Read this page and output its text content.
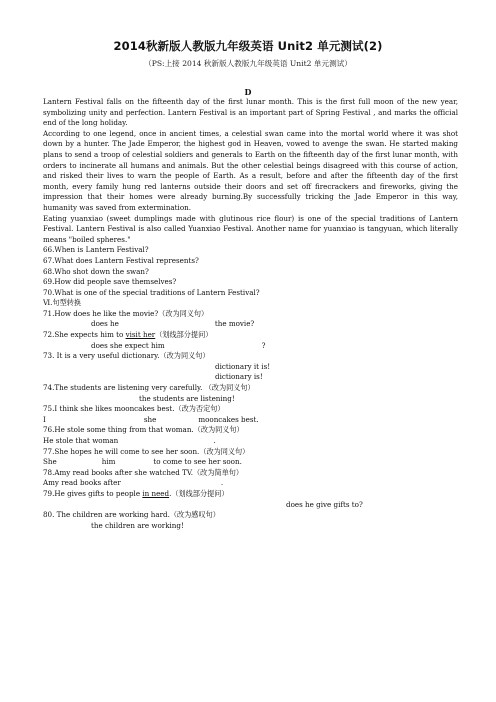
2014秋新版人教版九年级英语 Unit2 单元测试(2)
（PS:上接 2014 秋新版人教版九年级英语 Unit2 单元测试）
D

Lantern Festival falls on the fifteenth day of the first lunar month. This is the first full moon of the new year, symbolizing unity and perfection. Lantern Festival is an important part of Spring Festival , and marks the official end of the long holiday.

According to one legend, once in ancient times, a celestial swan came into the mortal world where it was shot down by a hunter. The Jade Emperor, the highest god in Heaven, vowed to avenge the swan. He started making plans to send a troop of celestial soldiers and generals to Earth on the fifteenth day of the first lunar month, with orders to incinerate all humans and animals. But the other celestial beings disagreed with this course of action, and risked their lives to warn the people of Earth. As a result, before and after the fifteenth day of the first month, every family hung red lanterns outside their doors and set off firecrackers and fireworks, giving the impression that their homes were already burning.By successfully tricking the Jade Emperor in this way, humanity was saved from extermination.

Eating yuanxiao (sweet dumplings made with glutinous rice flour) is one of the special traditions of Lantern Festival. Lantern Festival is also called Yuanxiao Festival. Another name for yuanxiao is tangyuan, which literally means "boiled spheres."

66.When is Lantern Festival?
67.What does Lantern Festival represents?
68.Who shot down the swan?
69.How did people save themselves?
70.What is one of the special traditions of Lantern Festival?
Ⅵ.句型转换
71.How does he like the movie?（改为同义句）
does he	the movie?
72.She expects him to visit her（划线部分提问）
does she expect him	?
73. It is a very useful dictionary.（改为同义句）
dictionary it is!
dictionary is!
74.The students are listening very carefully. （改为同义句）
the students are listening!
75.I think she likes mooncakes best.（改为否定句）
I	she	mooncakes best.
76.He stole some thing from that woman.（改为同义句）
He stole that woman	.
77.She hopes he will come to see her soon.（改为同义句）
She	him	to come to see her soon.
78.Amy read books after she watched TV.（改为简单句）
Amy read books after	.
79.He gives gifts to people in need.（划线部分提问）
does he give gifts to?
80. The children are working hard.（改为感叹句）
the children are working!
